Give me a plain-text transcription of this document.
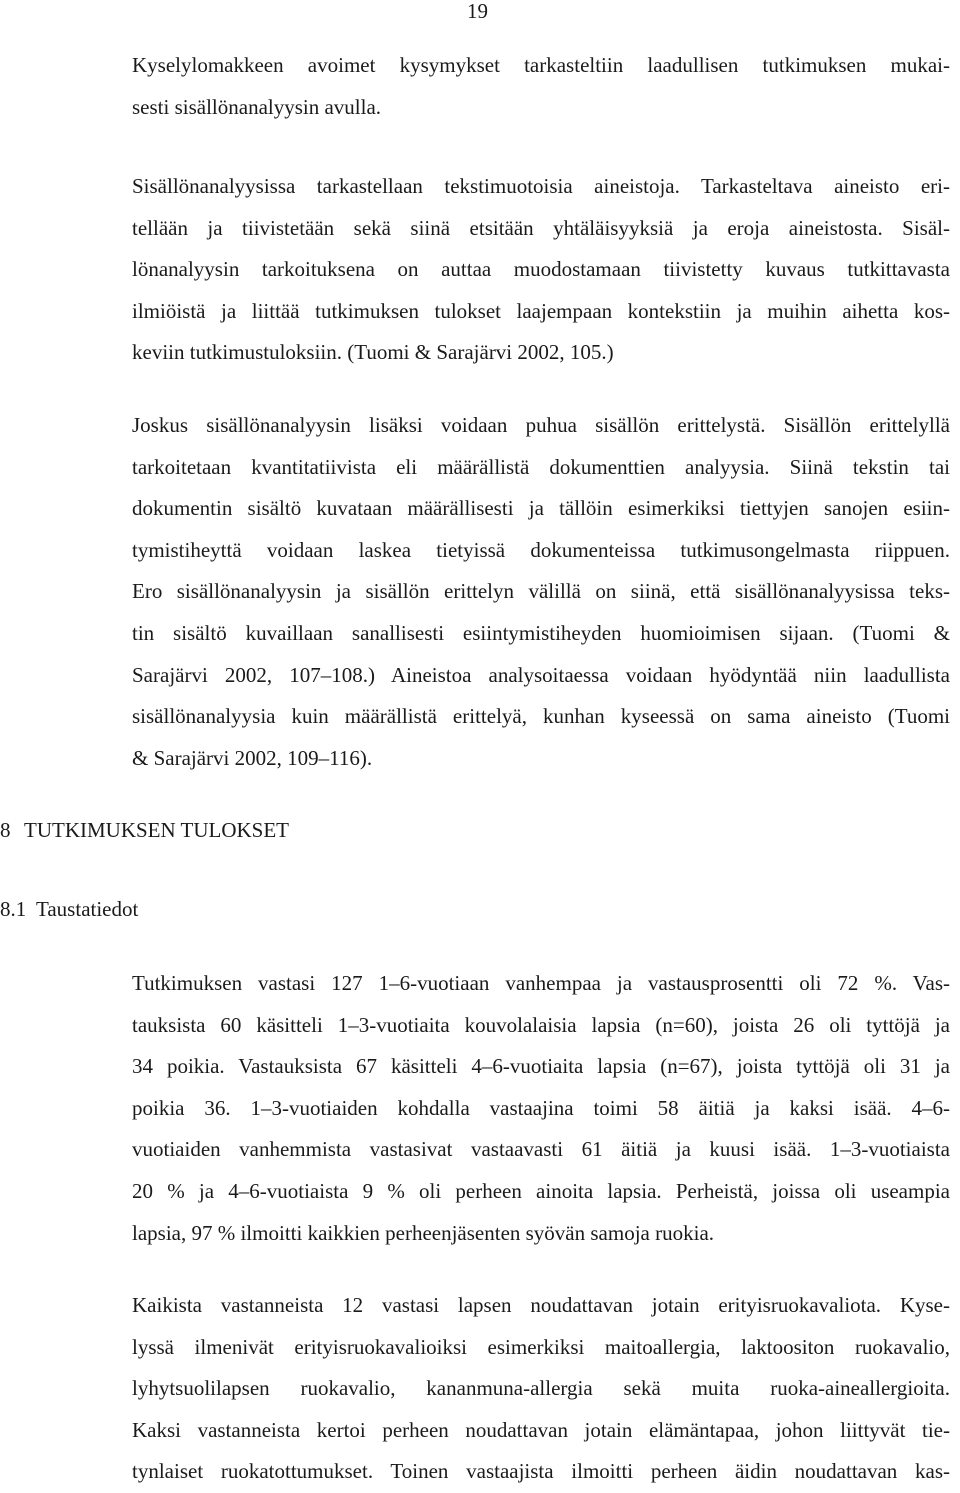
19

Kyselylomakkeen avoimet kysymykset tarkasteltiin laadullisen tutkimuksen mukai-
sesti sisällönanalyysin avulla.

Sisällönanalyysissa tarkastellaan tekstimuotoisia aineistoja. Tarkasteltava aineisto eri-
tellään ja tiivistetään sekä siinä etsitään yhtäläisyyksiä ja eroja aineistosta. Sisäl-
lönanalyysin tarkoituksena on auttaa muodostamaan tiivistetty kuvaus tutkittavasta
ilmiöistä ja liittää tutkimuksen tulokset laajempaan kontekstiin ja muihin aihetta kos-
keviin tutkimustuloksiin. (Tuomi & Sarajärvi 2002, 105.)

Joskus sisällönanalyysin lisäksi voidaan puhua sisällön erittelystä. Sisällön erittelyllä
tarkoitetaan kvantitatiivista eli määrällistä dokumenttien analyysia. Siinä tekstin tai
dokumentin sisältö kuvataan määrällisesti ja tällöin esimerkiksi tiettyjen sanojen esiin-
tymistiheyttä voidaan laskea tietyissä dokumenteissa tutkimusongelmasta riippuen.
Ero sisällönanalyysin ja sisällön erittelyn välillä on siinä, että sisällönanalyysissa teks-
tin sisältö kuvaillaan sanallisesti esiintymistiheyden huomioimisen sijaan. (Tuomi &
Sarajärvi 2002, 107–108.) Aineistoa analysoitaessa voidaan hyödyntää niin laadullista
sisällönanalyysia kuin määrällistä erittelyä, kunhan kyseessä on sama aineisto (Tuomi
& Sarajärvi 2002, 109–116).

8 TUTKIMUKSEN TULOKSET
8.1 Taustatiedot

Tutkimuksen vastasi 127 1–6-vuotiaan vanhempaa ja vastausprosentti oli 72 %. Vas-
tauksista 60 käsitteli 1–3-vuotiaita kouvolalaisia lapsia (n=60), joista 26 oli tyttöjä ja
34 poikia. Vastauksista 67 käsitteli 4–6-vuotiaita lapsia (n=67), joista tyttöjä oli 31 ja
poikia 36. 1–3-vuotiaiden kohdalla vastaajina toimi 58 äitiä ja kaksi isää. 4–6-
vuotiaiden vanhemmista vastasivat vastaavasti 61 äitiä ja kuusi isää. 1–3-vuotiaista
20 % ja 4–6-vuotiaista 9 % oli perheen ainoita lapsia. Perheistä, joissa oli useampia
lapsia, 97 % ilmoitti kaikkien perheenjäsenten syövän samoja ruokia.

Kaikista vastanneista 12 vastasi lapsen noudattavan jotain erityisruokavaliota. Kyse-
lyssä ilmenivät erityisruokavalioiksi esimerkiksi maitoallergia, laktoositon ruokavalio,
lyhytsuolilapsen ruokavalio, kananmuna-allergia sekä muita ruoka-aineallergioita.
Kaksi vastanneista kertoi perheen noudattavan jotain elämäntapaa, johon liittyvät tie-
tynlaiset ruokatottumukset. Toinen vastaajista ilmoitti perheen äidin noudattavan kas-
